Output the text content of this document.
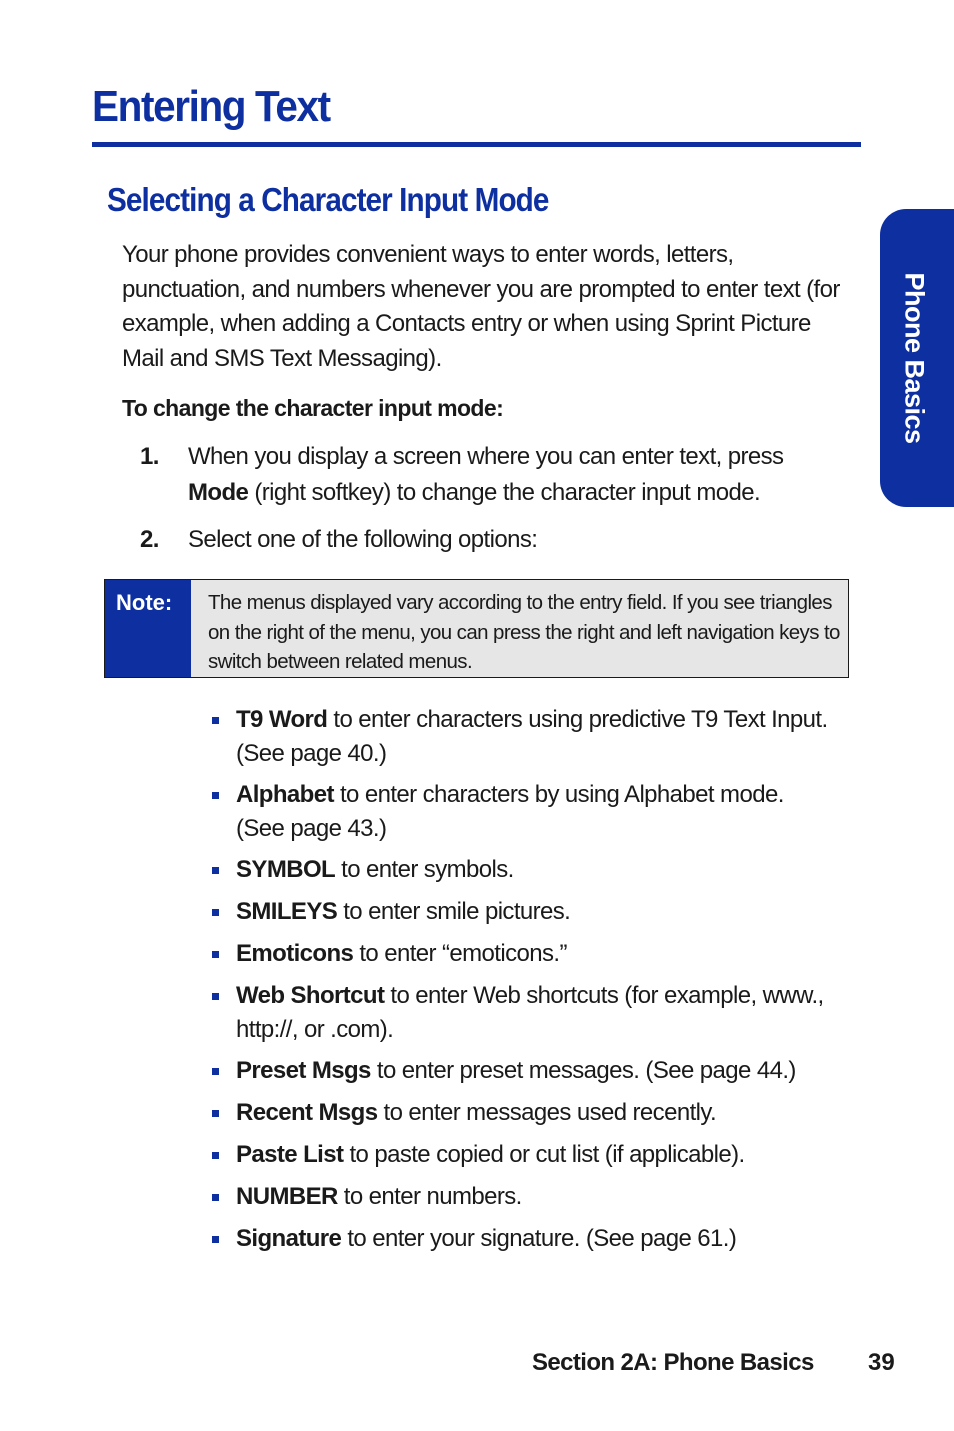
Entering Text
Selecting a Character Input Mode
Your phone provides convenient ways to enter words, letters, punctuation, and numbers whenever you are prompted to enter text (for example, when adding a Contacts entry or when using Sprint Picture Mail and SMS Text Messaging).
To change the character input mode:
1. When you display a screen where you can enter text, press Mode (right softkey) to change the character input mode.
2. Select one of the following options:
Note:	The menus displayed vary according to the entry field. If you see triangles on the right of the menu, you can press the right and left navigation keys to switch between related menus.
T9 Word to enter characters using predictive T9 Text Input. (See page 40.)
Alphabet to enter characters by using Alphabet mode. (See page 43.)
SYMBOL to enter symbols.
SMILEYS to enter smile pictures.
Emoticons to enter “emoticons.”
Web Shortcut to enter Web shortcuts (for example, www., http://, or .com).
Preset Msgs to enter preset messages. (See page 44.)
Recent Msgs to enter messages used recently.
Paste List to paste copied or cut list (if applicable).
NUMBER to enter numbers.
Signature to enter your signature. (See page 61.)
Phone Basics
Section 2A: Phone Basics 39
